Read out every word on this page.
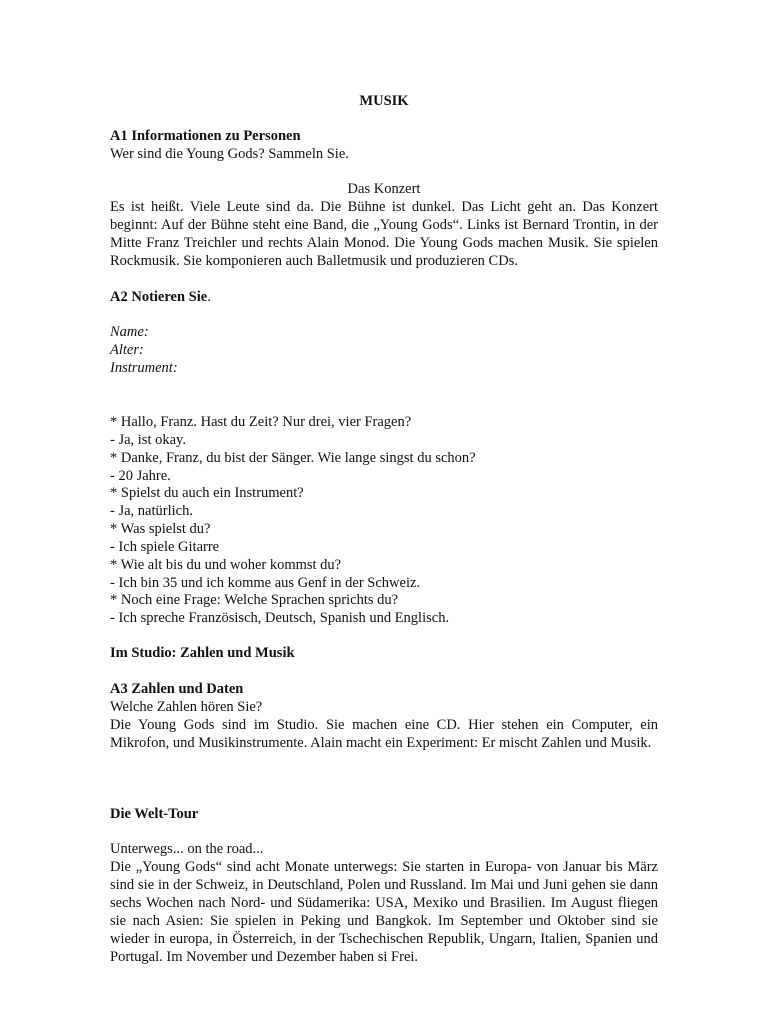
MUSIK
A1 Informationen zu Personen
Wer sind die Young Gods? Sammeln Sie.
Das Konzert
Es ist heißt. Viele Leute sind da. Die Bühne ist dunkel. Das Licht geht an. Das Konzert beginnt: Auf der Bühne steht eine Band, die „Young Gods“. Links ist Bernard Trontin, in der Mitte Franz Treichler und rechts Alain Monod. Die Young Gods machen Musik. Sie spielen Rockmusik. Sie komponieren auch Balletmusik und produzieren CDs.
A2 Notieren Sie.
Name:
Alter:
Instrument:
* Hallo, Franz. Hast du Zeit? Nur drei, vier Fragen?
- Ja, ist okay.
* Danke, Franz, du bist der Sänger. Wie lange singst du schon?
- 20 Jahre.
* Spielst du auch ein Instrument?
- Ja, natürlich.
* Was spielst du?
- Ich spiele Gitarre
* Wie alt bis du und woher kommst du?
- Ich bin 35 und ich komme aus Genf in der Schweiz.
* Noch eine Frage: Welche Sprachen sprichts du?
- Ich spreche Französisch, Deutsch, Spanish und Englisch.
Im Studio: Zahlen und Musik
A3 Zahlen und Daten
Welche Zahlen hören Sie?
Die Young Gods sind im Studio. Sie machen eine CD. Hier stehen ein Computer, ein Mikrofon, und Musikinstrumente. Alain macht ein Experiment: Er mischt Zahlen und Musik.
Die Welt-Tour
Unterwegs... on the road...
Die „Young Gods“ sind acht Monate unterwegs: Sie starten in Europa- von Januar bis März sind sie in der Schweiz, in Deutschland, Polen und Russland. Im Mai und Juni gehen sie dann sechs Wochen nach Nord- und Südamerika: USA, Mexiko und Brasilien. Im August fliegen sie nach Asien: Sie spielen in Peking und Bangkok. Im September und Oktober sind sie wieder in europa, in Österreich, in der Tschechischen Republik, Ungarn, Italien, Spanien und Portugal. Im November und Dezember haben si Frei.
